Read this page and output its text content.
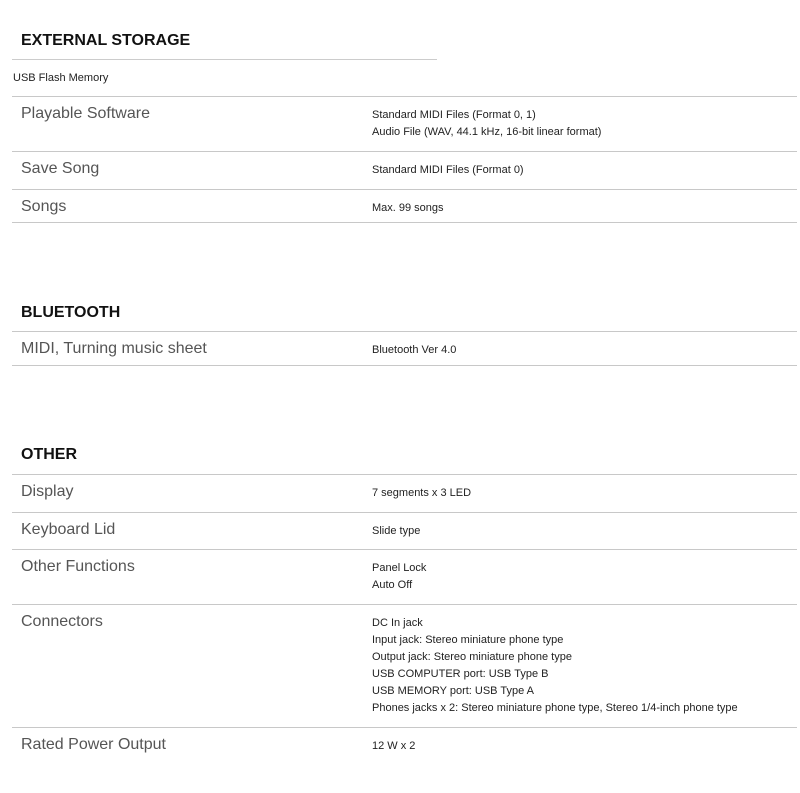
EXTERNAL STORAGE
USB Flash Memory
Playable Software	Standard MIDI Files (Format 0, 1)
Audio File (WAV, 44.1 kHz, 16-bit linear format)
Save Song	Standard MIDI Files (Format 0)
Songs	Max. 99 songs
BLUETOOTH
MIDI, Turning music sheet	Bluetooth Ver 4.0
OTHER
Display	7 segments x 3 LED
Keyboard Lid	Slide type
Other Functions	Panel Lock
Auto Off
Connectors	DC In jack
Input jack: Stereo miniature phone type
Output jack: Stereo miniature phone type
USB COMPUTER port: USB Type B
USB MEMORY port: USB Type A
Phones jacks x 2: Stereo miniature phone type, Stereo 1/4-inch phone type
Rated Power Output	12 W x 2
